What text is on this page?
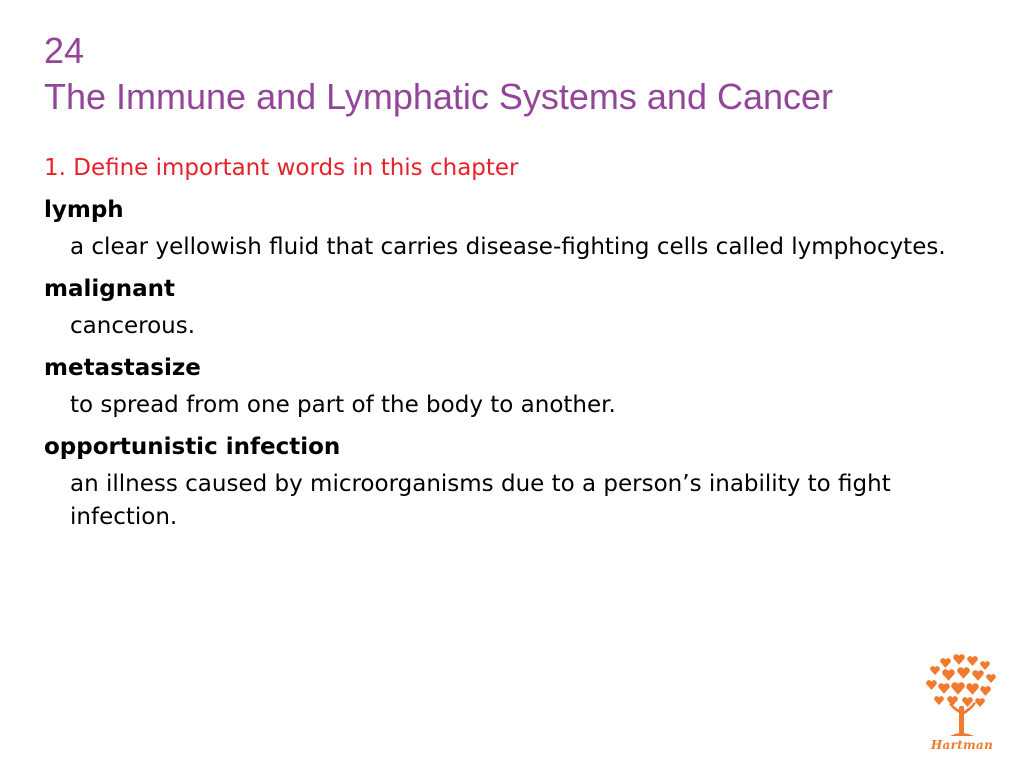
24
The Immune and Lymphatic Systems and Cancer
1. Define important words in this chapter
lymph
a clear yellowish fluid that carries disease-fighting cells called lymphocytes.
malignant
cancerous.
metastasize
to spread from one part of the body to another.
opportunistic infection
an illness caused by microorganisms due to a person’s inability to fight infection.
Hartman
